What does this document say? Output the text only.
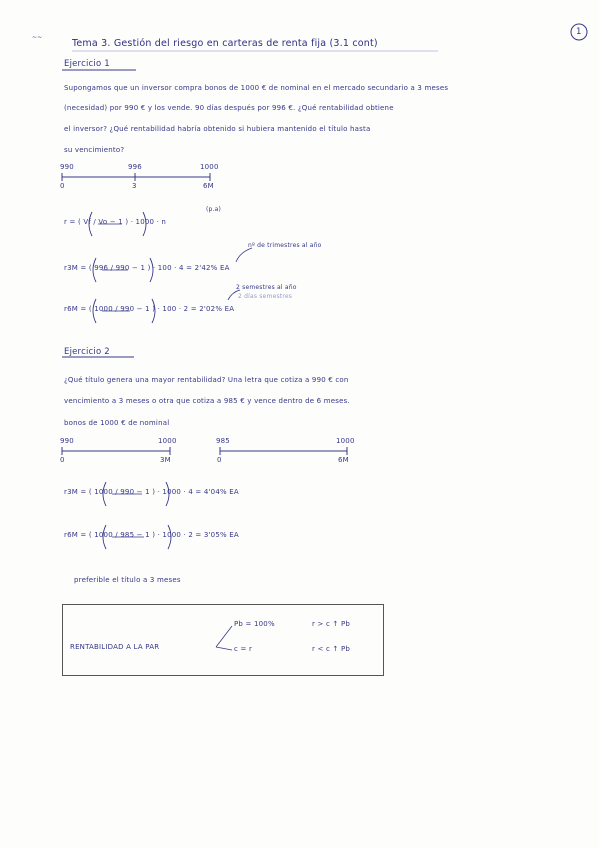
~~
1
Tema 3. Gestión del riesgo en carteras de renta fija (3.1 cont)
Ejercicio 1
Supongamos que un inversor compra bonos de 1000 € de nominal en el mercado secundario a 3 meses
(necesidad) por 990 € y los vende. 90 días después por 996 €. ¿Qué rentabilidad obtiene
el inversor? ¿Qué rentabilidad habría obtenido si hubiera mantenido el título hasta
su vencimiento?
990	996	1000
0	3	6M
r = ( Vf / Vo − 1 ) · 1000 · n
(p.a)
r3M = ( 996 / 990 − 1 ) · 100 · 4 = 2'42% EA
nº de trimestres al año
r6M = ( 1000 / 990 − 1 ) · 100 · 2 = 2'02% EA
2 semestres al año
2 días semestres
Ejercicio 2
¿Qué título genera una mayor rentabilidad? Una letra que cotiza a 990 € con
vencimiento a 3 meses o otra que cotiza a 985 € y vence dentro de 6 meses.
bonos de 1000 € de nominal
990	1000
0	3M
985	1000
0	6M
r3M = ( 1000 / 990 − 1 ) · 1000 · 4 = 4'04% EA
r6M = ( 1000 / 985 − 1 ) · 1000 · 2 = 3'05% EA
preferible el título a 3 meses
RENTABILIDAD A LA PAR
Pb = 100%	r > c ↑ Pb
c = r	r < c ↑ Pb
